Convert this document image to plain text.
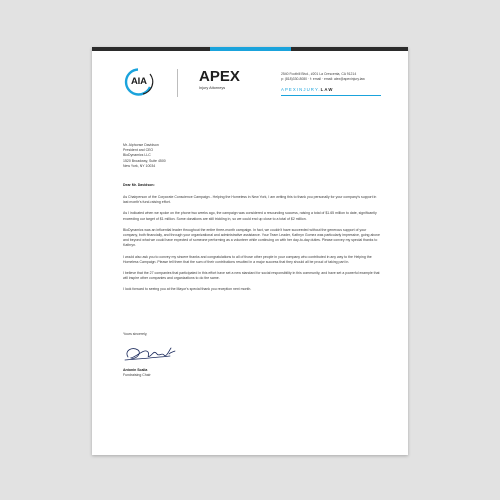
AIA	APEX
Injury Attorneys
2540 Foothill Blvd., #201 La Crescenta, CA 91214
p: (818)330-8080 · f: email · email: alex@apexinjury.law
APEXINJURY.LAW
Mr. Alphonse Davidson
President and CEO
BioDynamics LLC
1520 Broadway, Suite 4500
New York, NY 10034
Dear Mr. Davidson:

As Chairperson of the Corporate Conscience Campaign - Helping the Homeless in New York, I am writing this to thank you personally for your company's support in last month's fund-raising effort.

As I indicated when we spoke on the phone two weeks ago, the campaign was considered a resounding success, raising a total of $1.65 million to date, significantly exceeding our target of $1 million. Some donations are still trickling in, so we could end up close to a total of $2 million.

BioDynamics was an influential leader throughout the entire three-month campaign. In fact, we couldn't have succeeded without the generous support of your company, both financially, and through your organizational and administrative assistance. Your Team Leader, Kathryn Gomez was particularly impressive, going above and beyond what we could have expected of someone performing as a volunteer while continuing on with her day-to-day duties. Please convey my special thanks to Kathryn.

I would also ask you to convey my sincere thanks and congratulations to all of those other people in your company who contributed in any way to the Helping the Homeless Campaign. Please tell them that the sum of their contributions resulted in a major success that they should all be proud of taking part in.

I believe that the 27 companies that participated in this effort have set a new standard for social responsibility in this community, and have set a powerful example that will inspire other companies and organizations to do the same.

I look forward to seeing you at the Mayor's special thank you reception next month.

Yours sincerely,
Antonin Scalia
Fundraising Chair
